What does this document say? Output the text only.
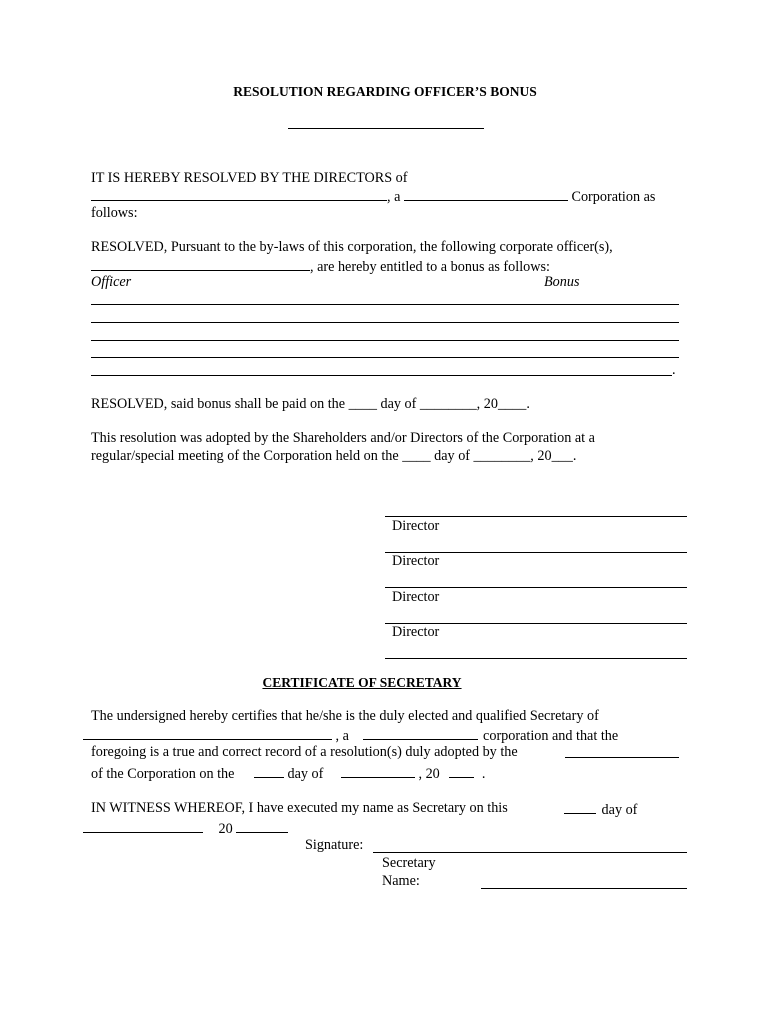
RESOLUTION REGARDING OFFICER’S BONUS
IT IS HEREBY RESOLVED BY THE DIRECTORS of
, a	Corporation as
follows:
RESOLVED, Pursuant to the by-laws of this corporation, the following corporate officer(s),
, are hereby entitled to a bonus as follows:
Officer	Bonus
.
RESOLVED, said bonus shall be paid on the ____ day of ________, 20____.
This resolution was adopted by the Shareholders and/or Directors of the Corporation at a
regular/special meeting of the Corporation held on the ____ day of ________, 20___.
Director
Director
Director
Director
CERTIFICATE OF SECRETARY
The undersigned hereby certifies that he/she is the duly elected and qualified Secretary of
, a	corporation and that the
foregoing is a true and correct record of a resolution(s) duly adopted by the
of the Corporation on the	day of	, 20	.
IN WITNESS WHEREOF, I have executed my name as Secretary on this	day of
20
Signature:
Secretary
Name:
